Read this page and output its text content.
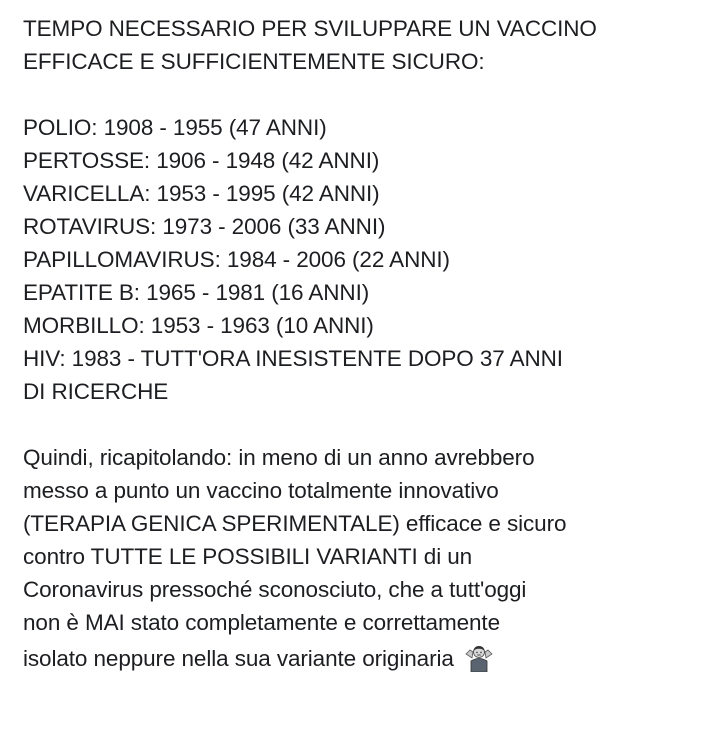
TEMPO NECESSARIO PER SVILUPPARE UN VACCINO
EFFICACE E SUFFICIENTEMENTE SICURO:
POLIO: 1908 - 1955 (47 ANNI)
PERTOSSE: 1906 - 1948 (42 ANNI)
VARICELLA: 1953 - 1995 (42 ANNI)
ROTAVIRUS: 1973 - 2006 (33 ANNI)
PAPILLOMAVIRUS: 1984 - 2006 (22 ANNI)
EPATITE B: 1965 - 1981 (16 ANNI)
MORBILLO: 1953 - 1963 (10 ANNI)
HIV: 1983 - TUTT'ORA INESISTENTE DOPO 37 ANNI
DI RICERCHE
Quindi, ricapitolando: in meno di un anno avrebbero
messo a punto un vaccino totalmente innovativo
(TERAPIA GENICA SPERIMENTALE) efficace e sicuro
contro TUTTE LE POSSIBILI VARIANTI di un
Coronavirus pressoché sconosciuto, che a tutt'oggi
non è MAI stato completamente e correttamente
isolato neppure nella sua variante originaria
